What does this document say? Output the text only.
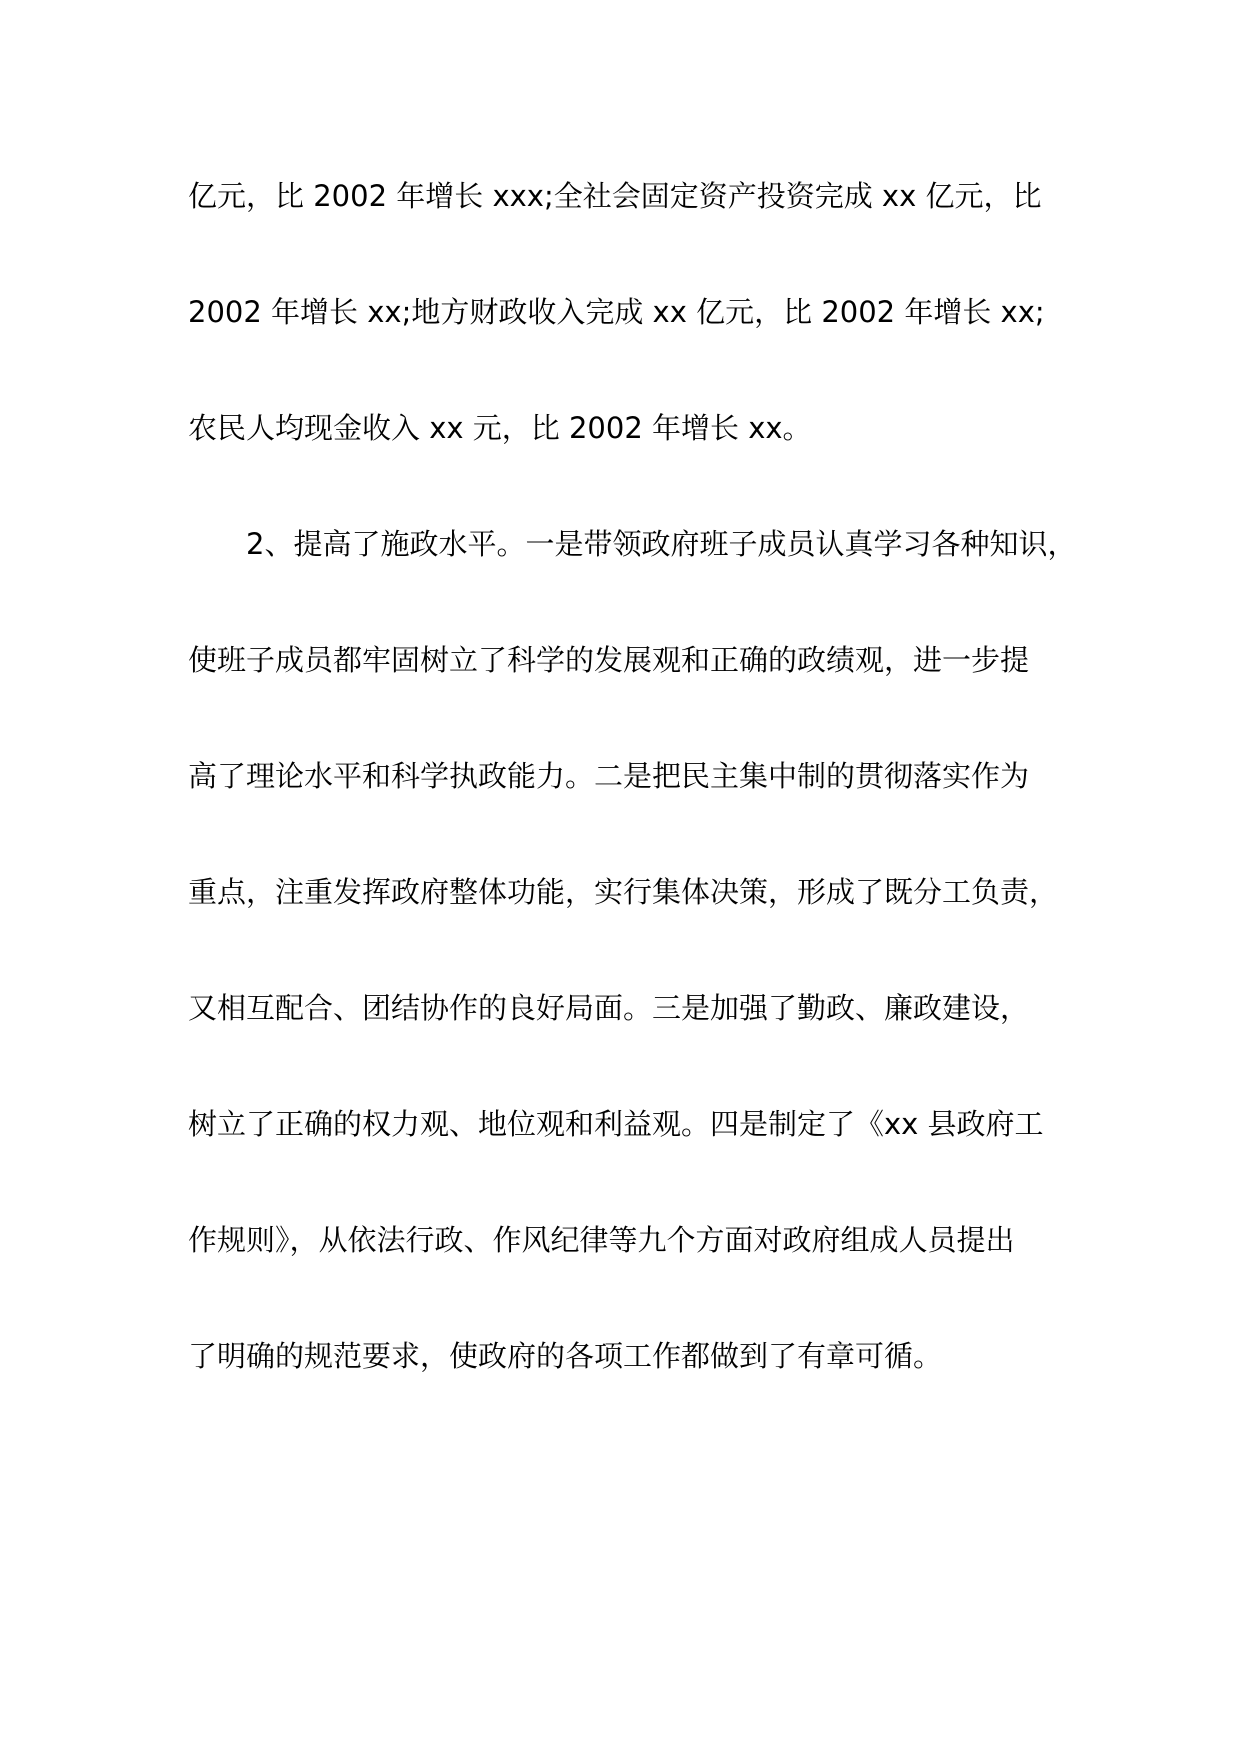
亿元，比 2002 年增长 xxx;全社会固定资产投资完成 xx 亿元，比

2002 年增长 xx;地方财政收入完成 xx 亿元，比 2002 年增长 xx;

农民人均现金收入 xx 元，比 2002 年增长 xx。

2、提高了施政水平。一是带领政府班子成员认真学习各种知识，

使班子成员都牢固树立了科学的发展观和正确的政绩观，进一步提

高了理论水平和科学执政能力。二是把民主集中制的贯彻落实作为

重点，注重发挥政府整体功能，实行集体决策，形成了既分工负责，

又相互配合、团结协作的良好局面。三是加强了勤政、廉政建设，

树立了正确的权力观、地位观和利益观。四是制定了《xx 县政府工

作规则》，从依法行政、作风纪律等九个方面对政府组成人员提出

了明确的规范要求，使政府的各项工作都做到了有章可循。
